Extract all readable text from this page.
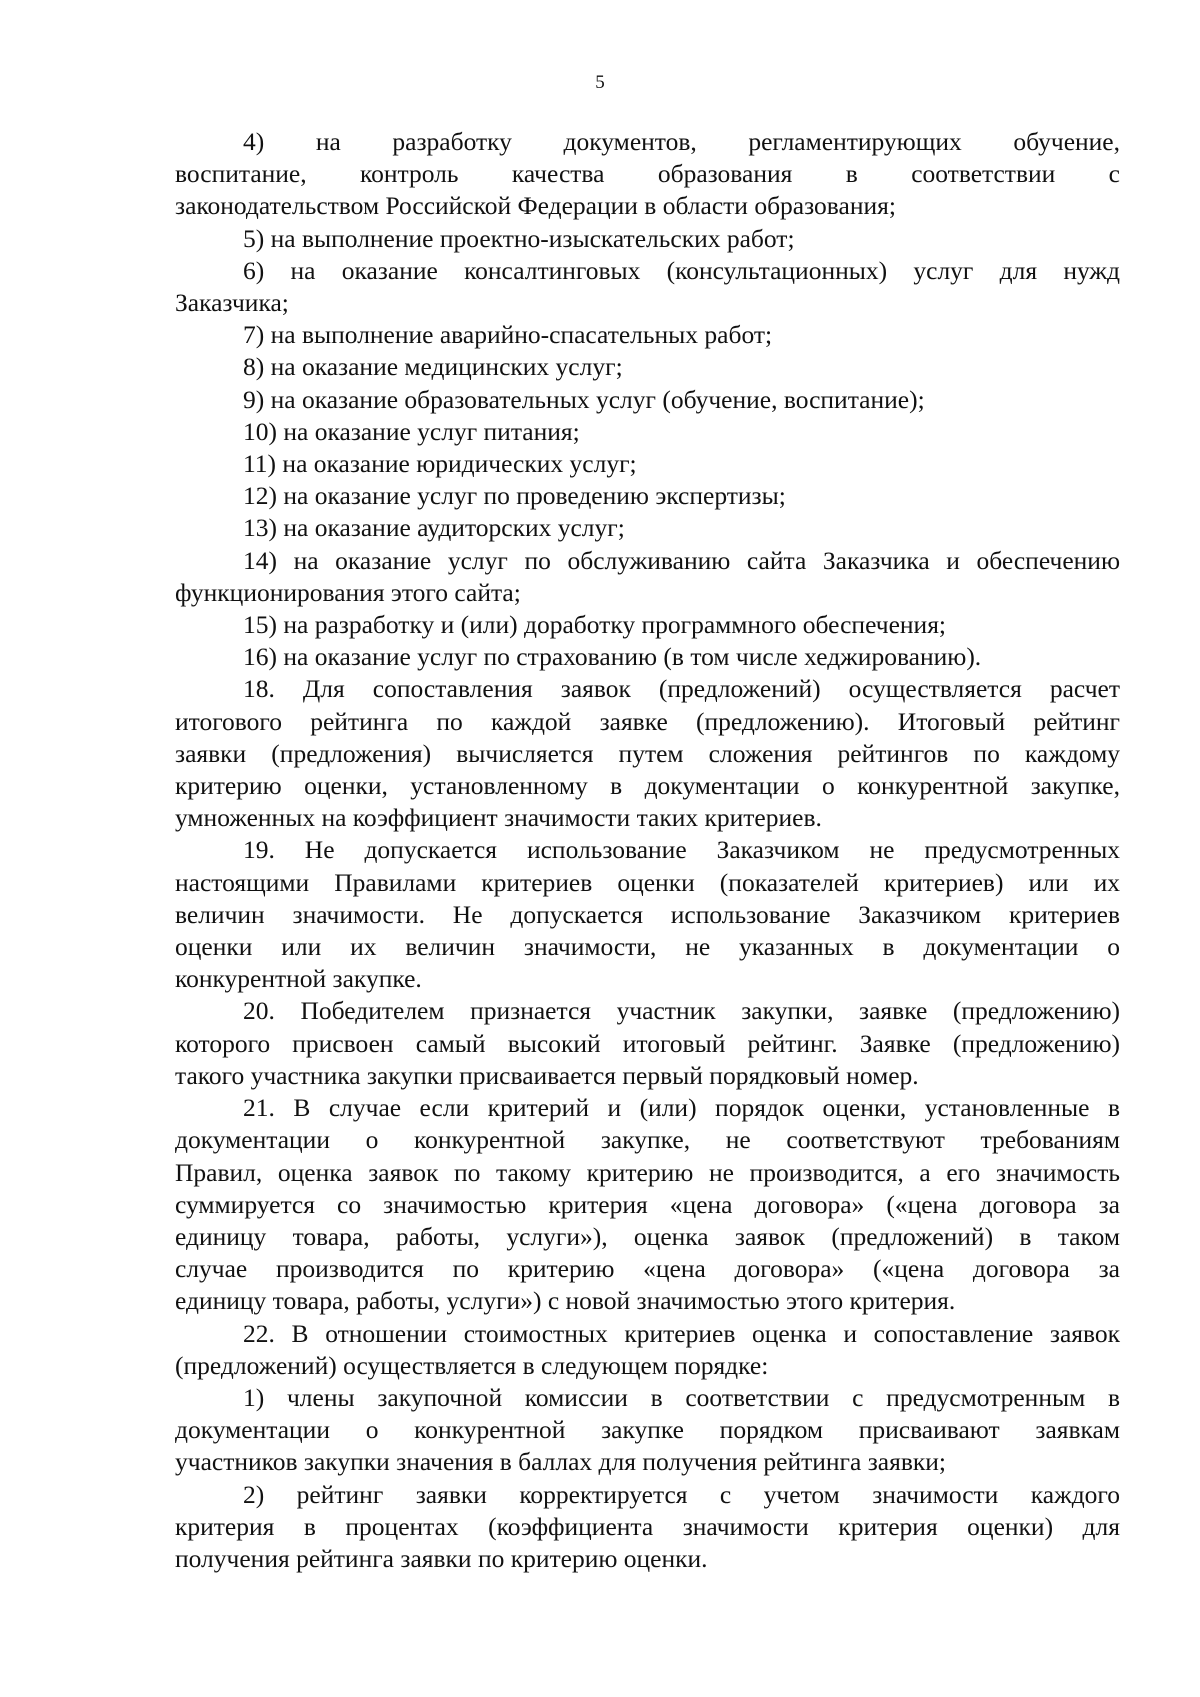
5

4) на разработку документов, регламентирующих обучение,

воспитание, контроль качества образования в соответствии с

законодательством Российской Федерации в области образования;

5) на выполнение проектно-изыскательских работ;

6) на оказание консалтинговых (консультационных) услуг для нужд

Заказчика;

7) на выполнение аварийно-спасательных работ;

8) на оказание медицинских услуг;

9) на оказание образовательных услуг (обучение, воспитание);

10) на оказание услуг питания;

11) на оказание юридических услуг;

12) на оказание услуг по проведению экспертизы;

13) на оказание аудиторских услуг;

14) на оказание услуг по обслуживанию сайта Заказчика и обеспечению

функционирования этого сайта;

15) на разработку и (или) доработку программного обеспечения;

16) на оказание услуг по страхованию (в том числе хеджированию).

18. Для сопоставления заявок (предложений) осуществляется расчет

итогового рейтинга по каждой заявке (предложению). Итоговый рейтинг

заявки (предложения) вычисляется путем сложения рейтингов по каждому

критерию оценки, установленному в документации о конкурентной закупке,

умноженных на коэффициент значимости таких критериев.

19. Не допускается использование Заказчиком не предусмотренных

настоящими Правилами критериев оценки (показателей критериев) или их

величин значимости. Не допускается использование Заказчиком критериев

оценки или их величин значимости, не указанных в документации о

конкурентной закупке.

20. Победителем признается участник закупки, заявке (предложению)

которого присвоен самый высокий итоговый рейтинг. Заявке (предложению)

такого участника закупки присваивается первый порядковый номер.

21. В случае если критерий и (или) порядок оценки, установленные в

документации о конкурентной закупке, не соответствуют требованиям

Правил, оценка заявок по такому критерию не производится, а его значимость

суммируется со значимостью критерия «цена договора» («цена договора за

единицу товара, работы, услуги»), оценка заявок (предложений) в таком

случае производится по критерию «цена договора» («цена договора за

единицу товара, работы, услуги») с новой значимостью этого критерия.

22. В отношении стоимостных критериев оценка и сопоставление заявок

(предложений) осуществляется в следующем порядке:

1) члены закупочной комиссии в соответствии с предусмотренным в

документации о конкурентной закупке порядком присваивают заявкам

участников закупки значения в баллах для получения рейтинга заявки;

2) рейтинг заявки корректируется с учетом значимости каждого

критерия в процентах (коэффициента значимости критерия оценки) для

получения рейтинга заявки по критерию оценки.
